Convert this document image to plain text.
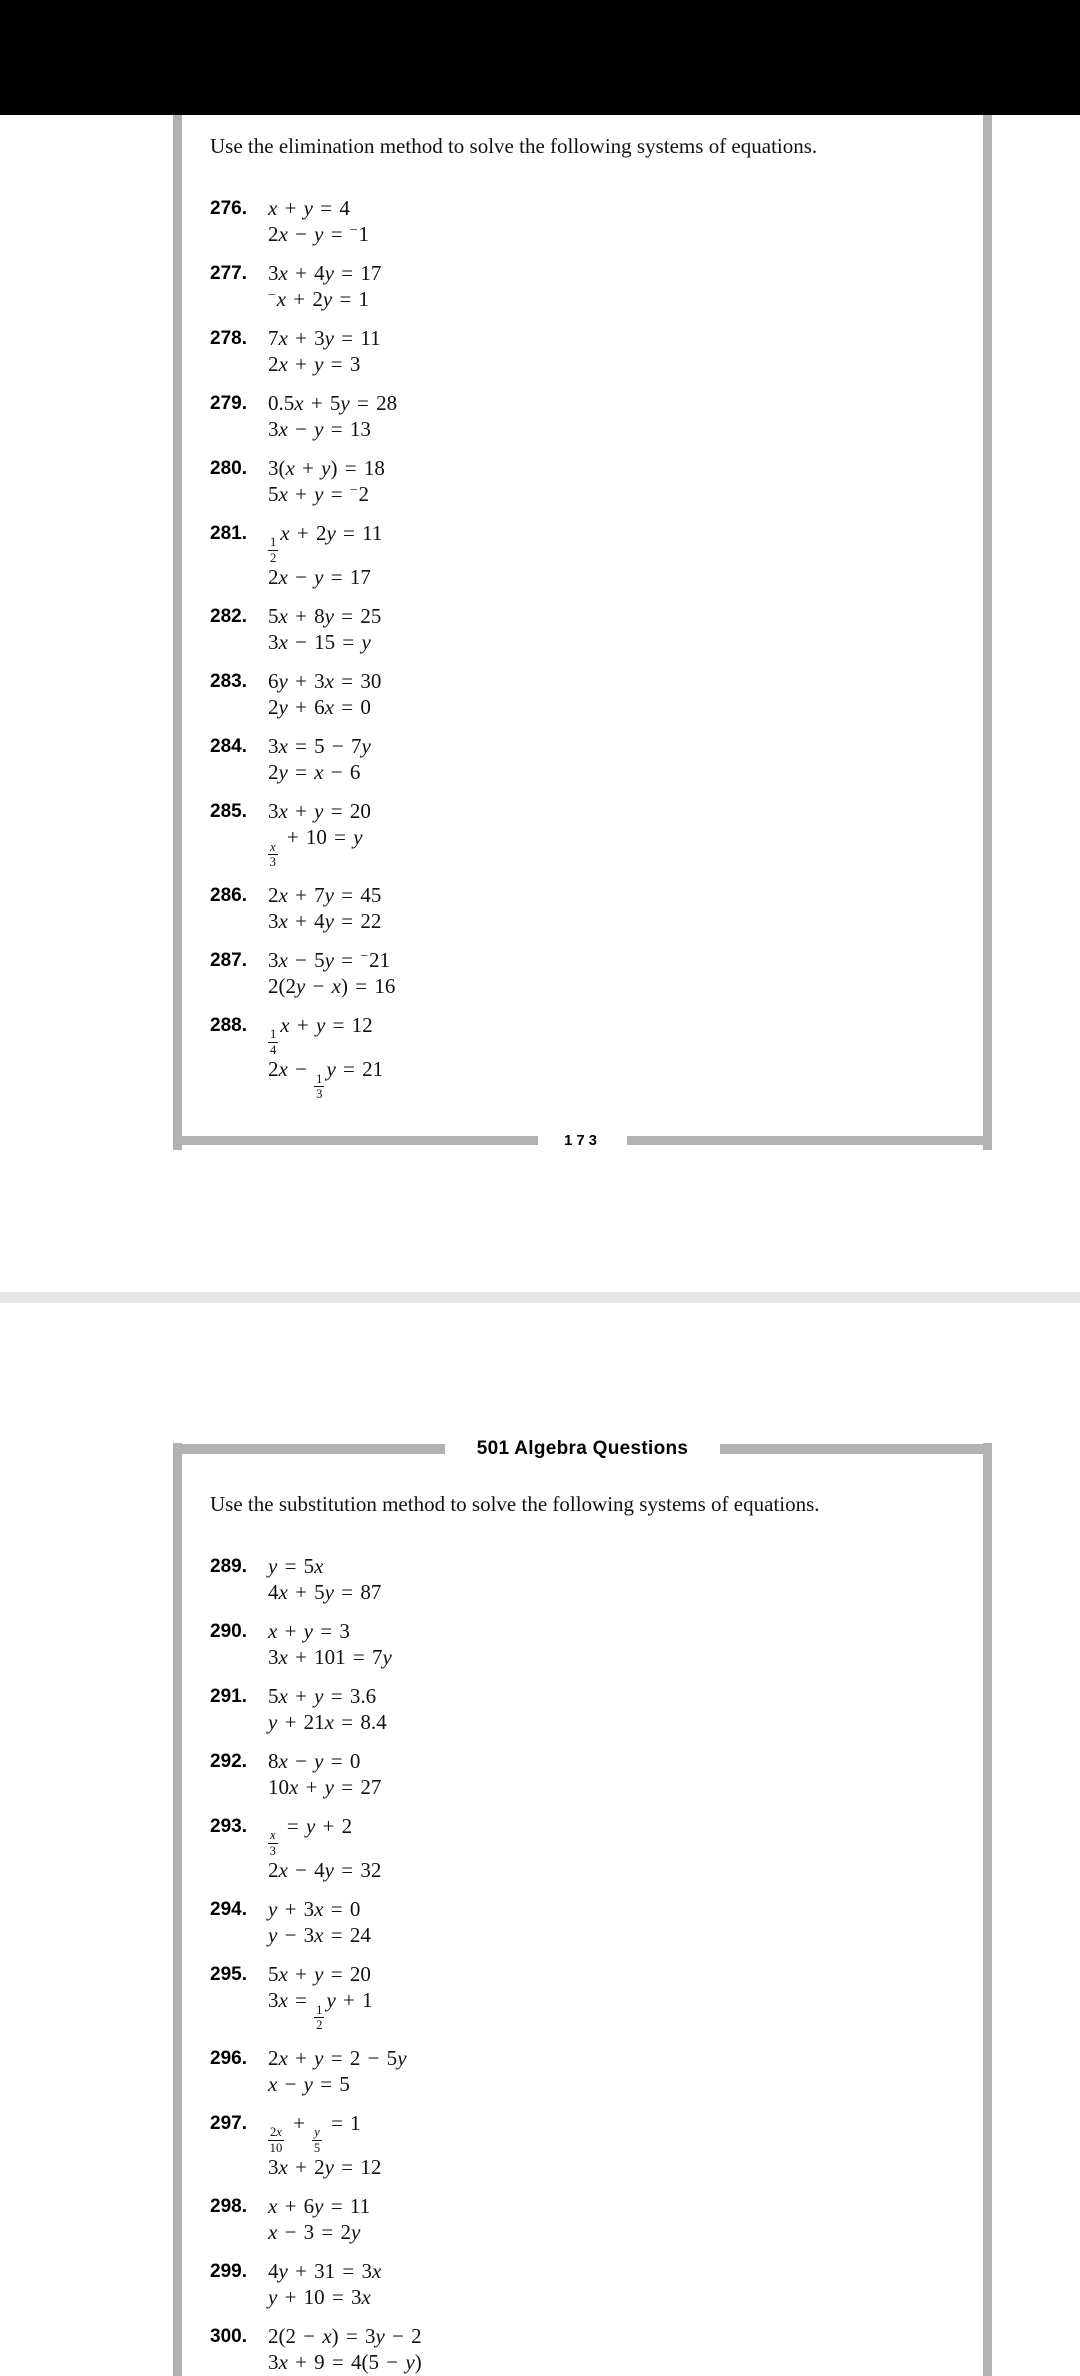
Use the elimination method to solve the following systems of equations.

276.	x + y = 4
2x − y = −1
277.	3x + 4y = 17
−x + 2y = 1
278.	7x + 3y = 11
2x + y = 3
279.	0.5x + 5y = 28
3x − y = 13
280.	3(x + y) = 18
5x + y = −2
281.
$\frac{1}{2}$
x + 2y = 11
2x − y = 17
282.	5x + 8y = 25
3x − 15 = y
283.	6y + 3x = 30
2y + 6x = 0
284.	3x = 5 − 7y
2y = x − 6
285.	3x + y = 20
$\frac{x}{3}$
+ 10 = y
286.	2x + 7y = 45
3x + 4y = 22
287.	3x − 5y = −21
2(2y − x) = 16
288.
$\frac{1}{4}$
x + y = 12
2x −
$\frac{1}{3}$
y = 21
173
501 Algebra Questions

Use the substitution method to solve the following systems of equations.

289.	y = 5x
4x + 5y = 87
290.	x + y = 3
3x + 101 = 7y
291.	5x + y = 3.6
y + 21x = 8.4
292.	8x − y = 0
10x + y = 27
293.
$\frac{x}{3}$
= y + 2
2x − 4y = 32
294.	y + 3x = 0
y − 3x = 24
295.	5x + y = 20
3x =
$\frac{1}{2}$
y + 1
296.	2x + y = 2 − 5y
x − y = 5
297.
$\frac{2x}{10}$
+
$\frac{y}{5}$
= 1
3x + 2y = 12
298.	x + 6y = 11
x − 3 = 2y
299.	4y + 31 = 3x
y + 10 = 3x
300.	2(2 − x) = 3y − 2
3x + 9 = 4(5 − y)
